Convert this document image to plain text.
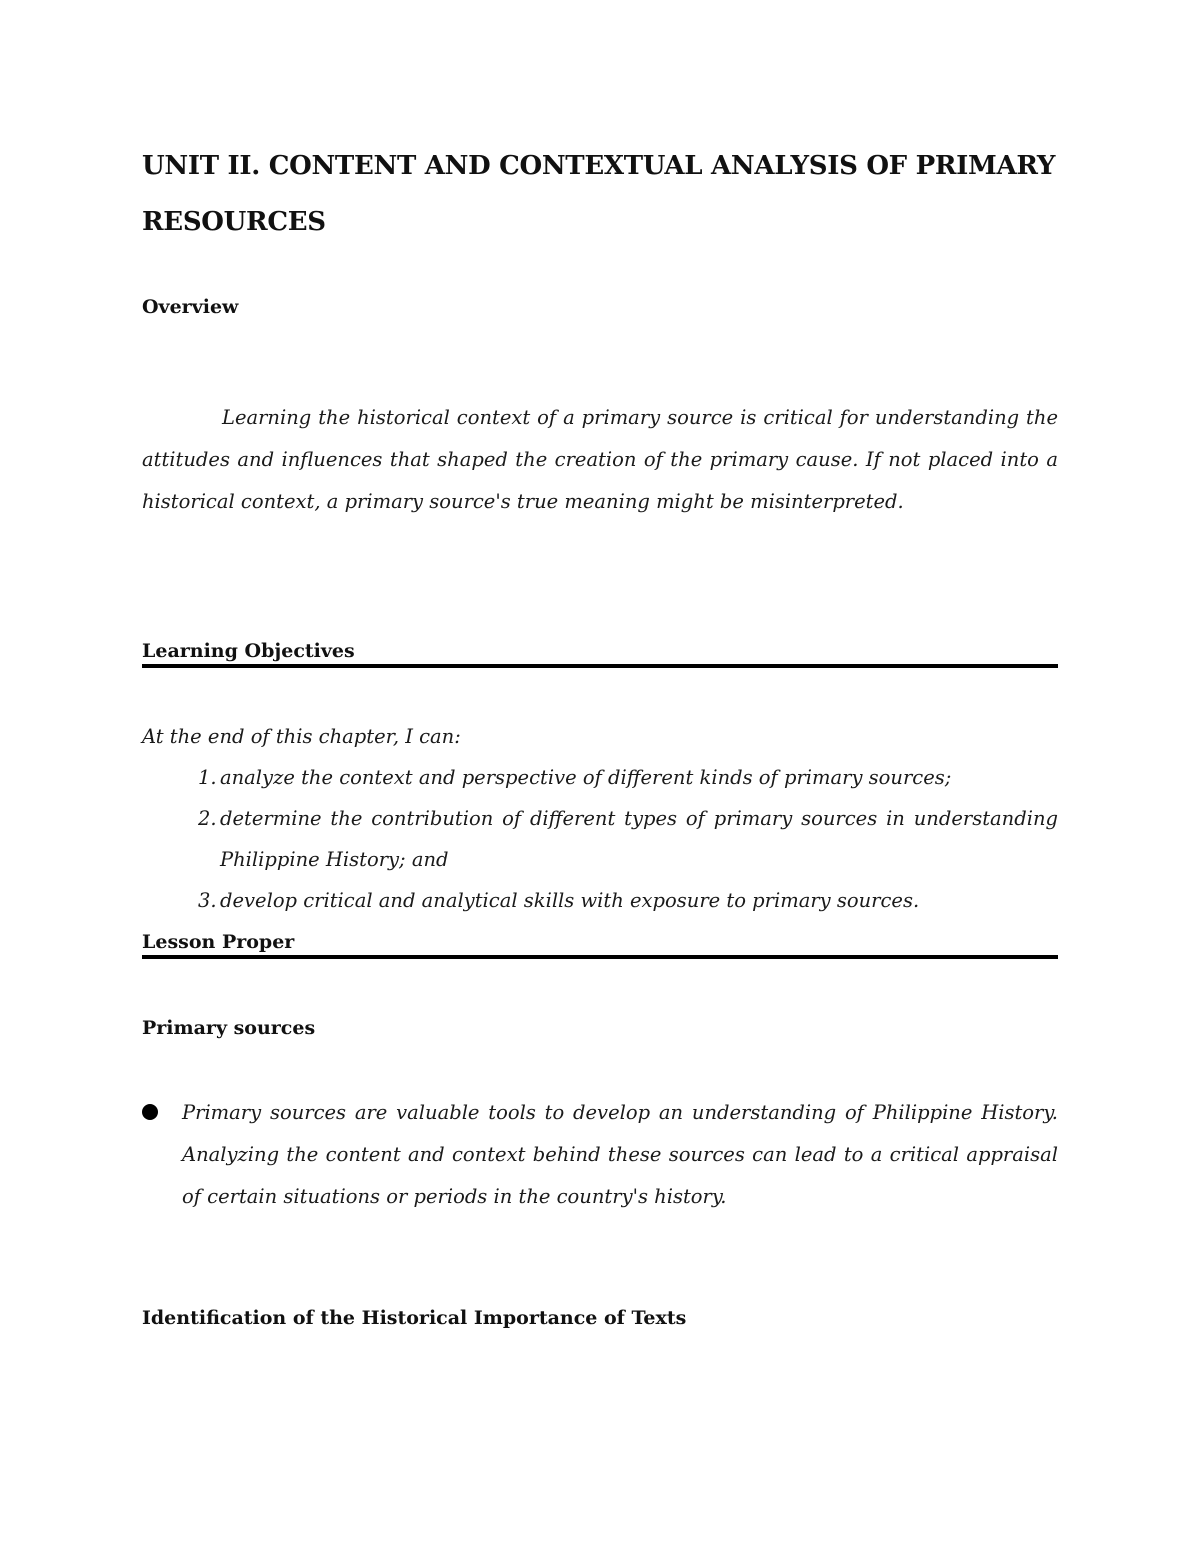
UNIT II. CONTENT AND CONTEXTUAL ANALYSIS OF PRIMARY RESOURCES
Overview

Learning the historical context of a primary source is critical for understanding the attitudes and influences that shaped the creation of the primary cause. If not placed into a historical context, a primary source's true meaning might be misinterpreted.

Learning Objectives
At the end of this chapter, I can:
1. analyze the context and perspective of different kinds of primary sources;
2. determine the contribution of different types of primary sources in understanding Philippine History; and
3. develop critical and analytical skills with exposure to primary sources.
Lesson Proper
Primary sources

Primary sources are valuable tools to develop an understanding of Philippine History. Analyzing the content and context behind these sources can lead to a critical appraisal of certain situations or periods in the country's history.

Identification of the Historical Importance of Texts
